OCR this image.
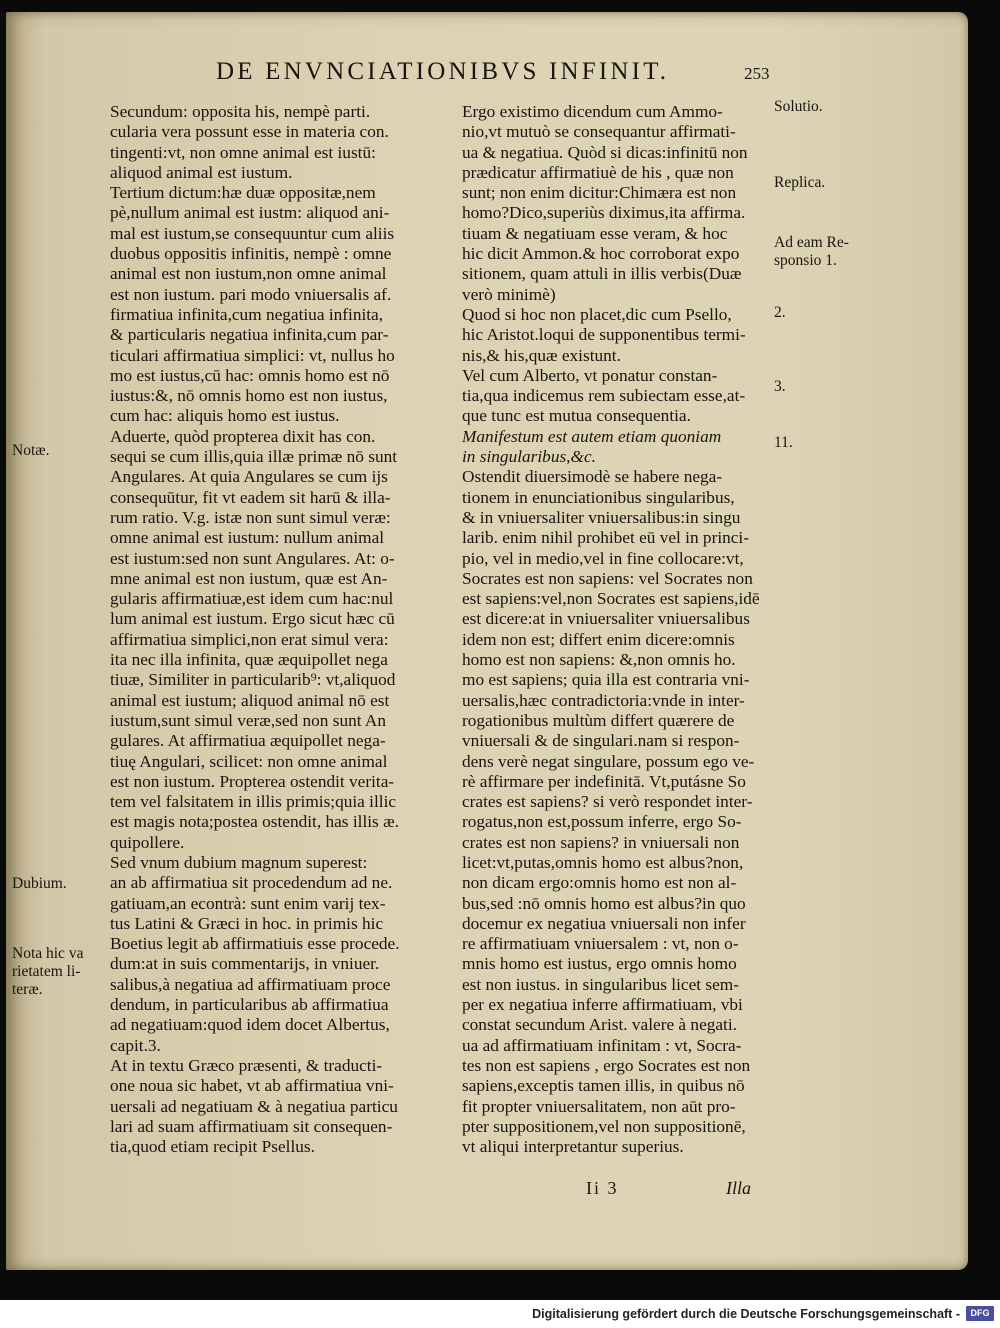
DE ENVNCIATIONIBVS INFINIT.	253
Secundum: opposita his, nempè parti.
cularia vera possunt esse in materia con.
tingenti:vt, non omne animal est iustū:
aliquod animal est iustum.
Tertium dictum:hæ duæ oppositæ,nem
pè,nullum animal est iustm: aliquod ani-
mal est iustum,se consequuntur cum aliis
duobus oppositis infinitis, nempè : omne
animal est non iustum,non omne animal
est non iustum. pari modo vniuersalis af.
firmatiua infinita,cum negatiua infinita,
& particularis negatiua infinita,cum par-
ticulari affirmatiua simplici: vt, nullus ho
mo est iustus,cū hac: omnis homo est nō
iustus:&, nō omnis homo est non iustus,
cum hac: aliquis homo est iustus.
Aduerte, quòd propterea dixit has con.
sequi se cum illis,quia illæ primæ nō sunt
Angulares. At quia Angulares se cum ijs
consequūtur, fit vt eadem sit harū & illa-
rum ratio. V.g. istæ non sunt simul veræ:
omne animal est iustum: nullum animal
est iustum:sed non sunt Angulares. At: o-
mne animal est non iustum, quæ est An-
gularis affirmatiuæ,est idem cum hac:nul
lum animal est iustum. Ergo sicut hæc cū
affirmatiua simplici,non erat simul vera:
ita nec illa infinita, quæ æquipollet nega
tiuæ, Similiter in particularib⁹: vt,aliquod
animal est iustum; aliquod animal nō est
iustum,sunt simul veræ,sed non sunt An
gulares. At affirmatiua æquipollet nega-
tiuę Angulari, scilicet: non omne animal
est non iustum. Propterea ostendit verita-
tem vel falsitatem in illis primis;quia illic
est magis nota;postea ostendit, has illis æ.
quipollere.
Sed vnum dubium magnum superest:
an ab affirmatiua sit procedendum ad ne.
gatiuam,an econtrà: sunt enim varij tex-
tus Latini & Græci in hoc. in primis hic
Boetius legit ab affirmatiuis esse procede.
dum:at in suis commentarijs, in vniuer.
salibus,à negatiua ad affirmatiuam proce
dendum, in particularibus ab affirmatiua
ad negatiuam:quod idem docet Albertus,
capit.3.
At in textu Græco præsenti, & traducti-
one noua sic habet, vt ab affirmatiua vni-
uersali ad negatiuam & à negatiua particu
lari ad suam affirmatiuam sit consequen-
tia,quod etiam recipit Psellus.
Ergo existimo dicendum cum Ammo-
nio,vt mutuò se consequantur affirmati-
ua & negatiua. Quòd si dicas:infinitū non
prædicatur affirmatiuè de his , quæ non
sunt; non enim dicitur:Chimæra est non
homo?Dico,superiùs diximus,ita affirma.
tiuam & negatiuam esse veram, & hoc
hic dicit Ammon.& hoc corroborat expo
sitionem, quam attuli in illis verbis(Duæ
verò minimè)
Quod si hoc non placet,dic cum Psello,
hic Aristot.loqui de supponentibus termi-
nis,& his,quæ existunt.
Vel cum Alberto, vt ponatur constan-
tia,qua indicemus rem subiectam esse,at-
que tunc est mutua consequentia.
Manifestum est autem etiam quoniam
in singularibus,&c.
Ostendit diuersimodè se habere nega-
tionem in enunciationibus singularibus,
& in vniuersaliter vniuersalibus:in singu
larib. enim nihil prohibet eū vel in princi-
pio, vel in medio,vel in fine collocare:vt,
Socrates est non sapiens: vel Socrates non
est sapiens:vel,non Socrates est sapiens,idē
est dicere:at in vniuersaliter vniuersalibus
idem non est; differt enim dicere:omnis
homo est non sapiens: &,non omnis ho.
mo est sapiens; quia illa est contraria vni-
uersalis,hæc contradictoria:vnde in inter-
rogationibus multùm differt quærere de
vniuersali & de singulari.nam si respon-
dens verè negat singulare, possum ego ve-
rè affirmare per indefinitā. Vt,putásne So
crates est sapiens? si verò respondet inter-
rogatus,non est,possum inferre, ergo So-
crates est non sapiens? in vniuersali non
licet:vt,putas,omnis homo est albus?non,
non dicam ergo:omnis homo est non al-
bus,sed :nō omnis homo est albus?in quo
docemur ex negatiua vniuersali non infer
re affirmatiuam vniuersalem : vt, non o-
mnis homo est iustus, ergo omnis homo
est non iustus. in singularibus licet sem-
per ex negatiua inferre affirmatiuam, vbi
constat secundum Arist. valere à negati.
ua ad affirmatiuam infinitam : vt, Socra-
tes non est sapiens , ergo Socrates est non
sapiens,exceptis tamen illis, in quibus nō
fit propter vniuersalitatem, non aūt pro-
pter suppositionem,vel non suppositionē,
vt aliqui interpretantur superius.
Notæ.
Dubium.
Nota hic va
rietatem li-
teræ.
Solutio.
Replica.
Ad eam Re-
sponsio 1.
2.
3.
11.
Ii 3	Illa
Digitalisierung gefördert durch die Deutsche Forschungsgemeinschaft -	DFG
